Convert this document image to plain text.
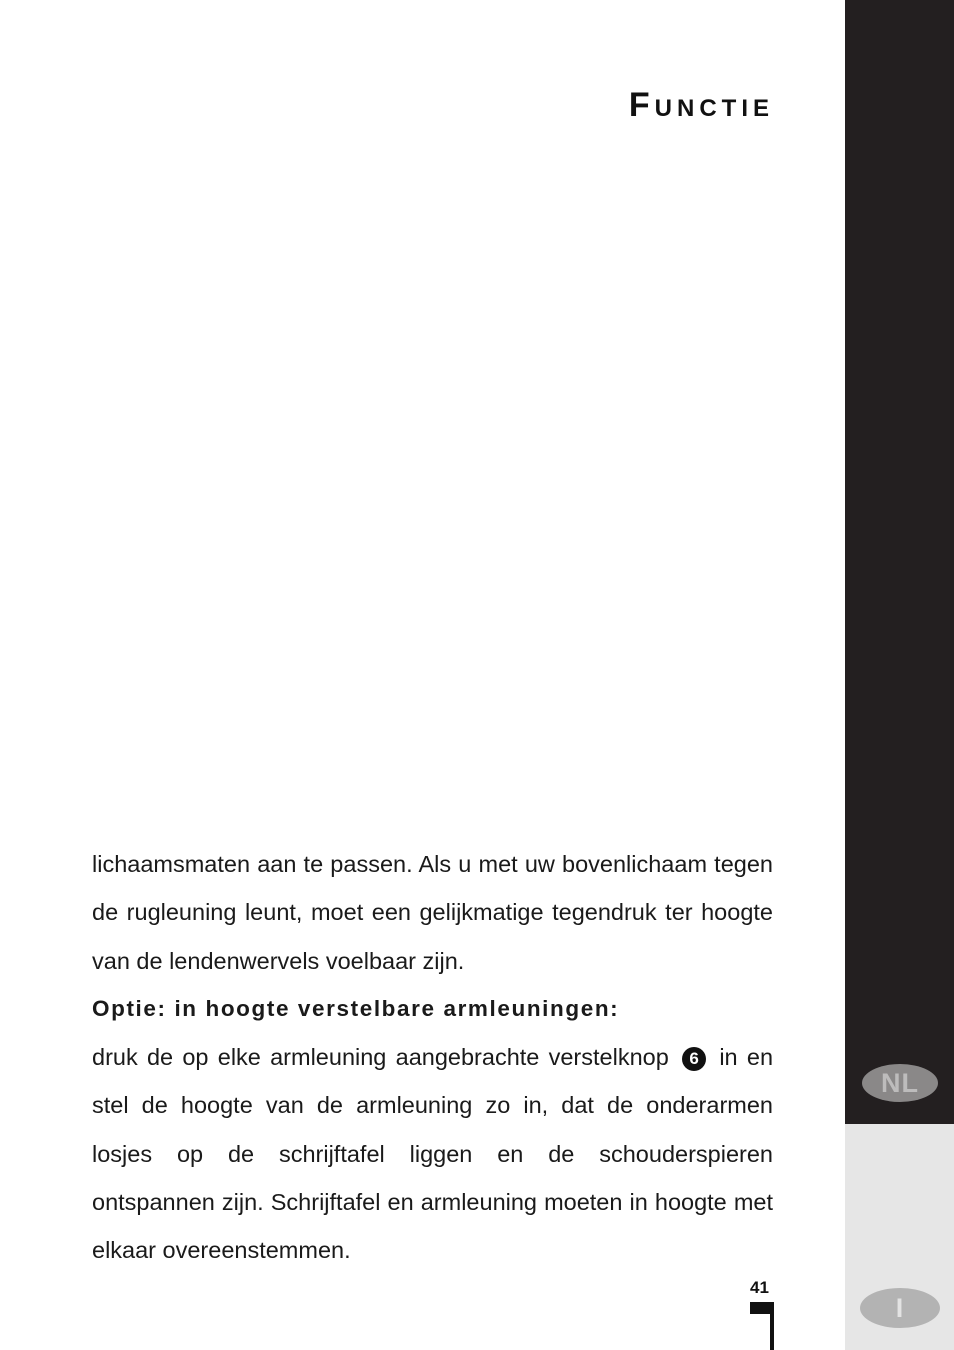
Functie

lichaamsmaten aan te passen. Als u met uw bovenlichaam tegen de rugleuning leunt, moet een gelijkmatige tegendruk ter hoogte van de lendenwervels voelbaar zijn.

Optie: in hoogte verstelbare armleuningen:

druk de op elke armleuning aangebrachte verstelknop 6 in en stel de hoogte van de armleuning zo in, dat de onderarmen losjes op de schrijftafel liggen en de schouderspieren ontspannen zijn. Schrijftafel en armleuning moeten in hoogte met elkaar overeenstemmen.

41
NL
I
